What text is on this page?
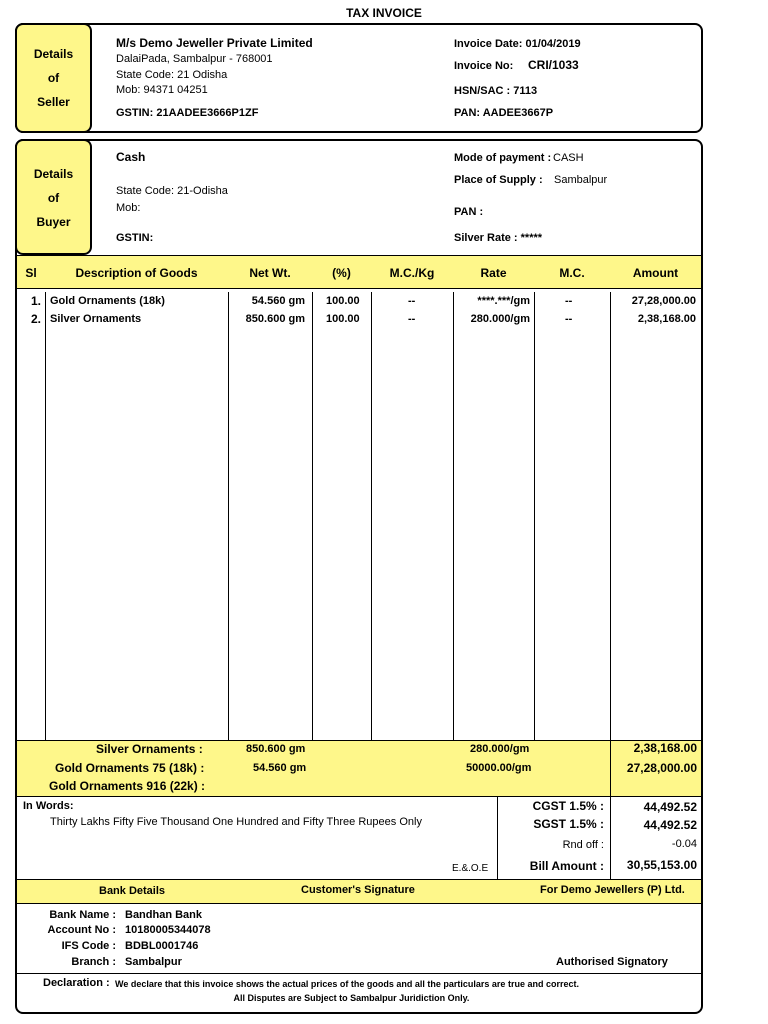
TAX INVOICE
Details
of
Seller
M/s Demo Jeweller Private Limited
DalaiPada, Sambalpur - 768001
State Code: 21 Odisha
Mob: 94371 04251
GSTIN: 21AADEE3666P1ZF
Invoice Date: 01/04/2019
Invoice No: CRI/1033
HSN/SAC : 7113
PAN: AADEE3667P
Details
of
Buyer
Cash
State Code: 21-Odisha
Mob:
GSTIN:
Mode of payment : CASH
Place of Supply : Sambalpur
PAN :
Silver Rate : *****
Sl	Description of Goods	Net Wt.	(%)	M.C./Kg	Rate	M.C.	Amount
1. Gold Ornaments (18k)	54.560 gm 100.00	--	****.***/gm	--	27,28,000.00
2. Silver Ornaments	850.600 gm 100.00	--	280.000/gm	--	2,38,168.00
Silver Ornaments :	850.600 gm	280.000/gm	2,38,168.00
Gold Ornaments 75 (18k) :	54.560 gm	50000.00/gm	27,28,000.00
Gold Ornaments 916 (22k) :
In Words:
Thirty Lakhs Fifty Five Thousand One Hundred and Fifty Three Rupees Only
E.&.O.E
CGST 1.5% :	44,492.52
SGST 1.5% :	44,492.52
Rnd off :	-0.04
Bill Amount :	30,55,153.00
Bank Details	Customer's Signature	For Demo Jewellers (P) Ltd.
Bank Name : Bandhan Bank
Account No : 10180005344078
IFS Code : BDBL0001746
Branch : Sambalpur	Authorised Signatory
Declaration : We declare that this invoice shows the actual prices of the goods and all the particulars are true and correct.
All Disputes are Subject to Sambalpur Juridiction Only.
